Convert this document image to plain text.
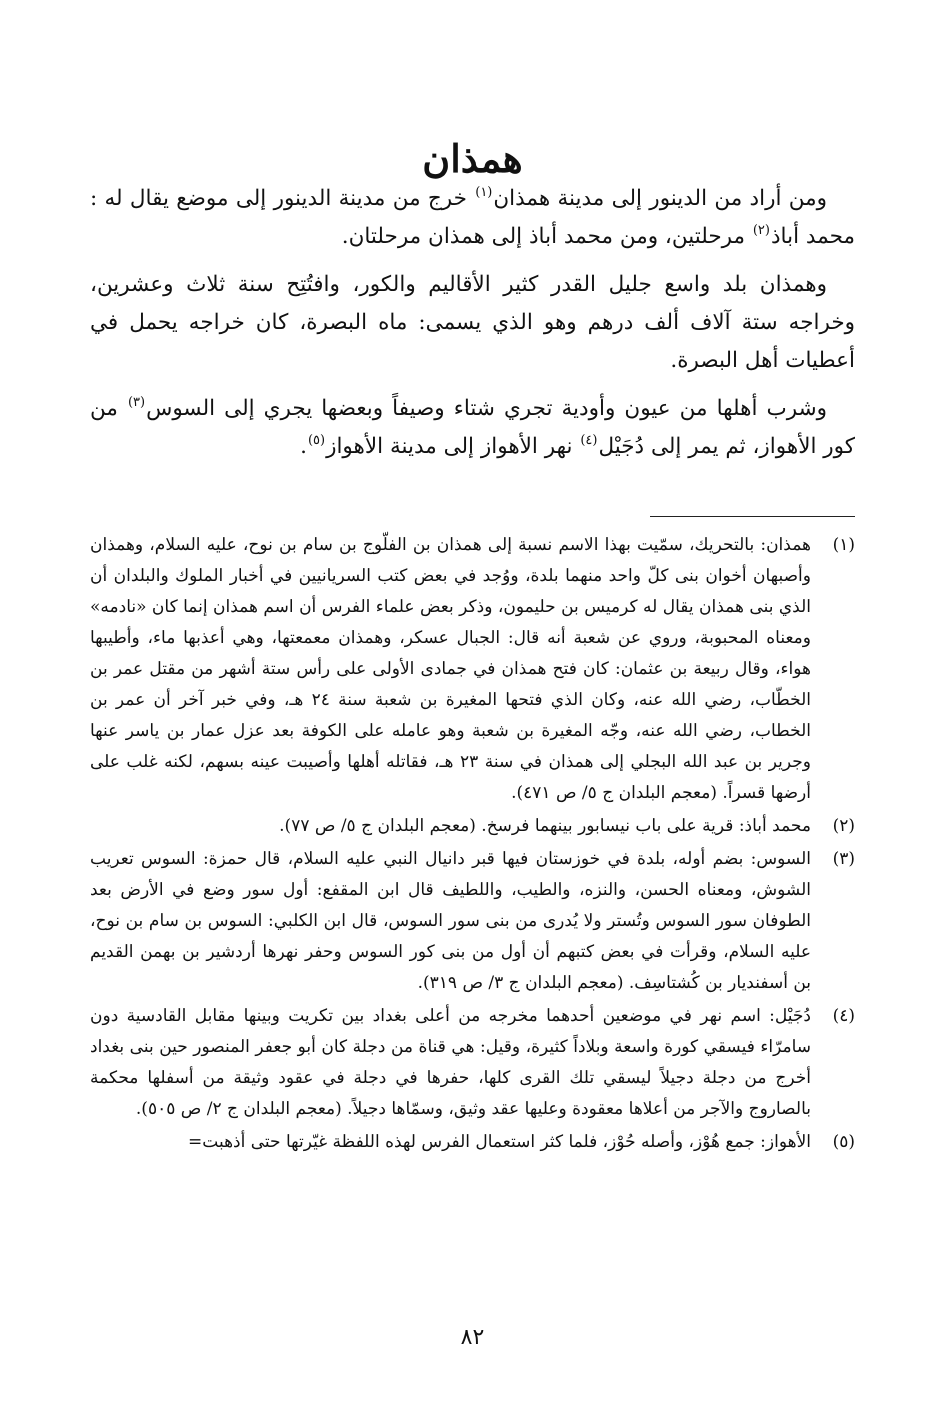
همذان

ومن أراد من الدينور إلى مدينة همذان$^{(١)}$ خرج من مدينة الدينور إلى موضع يقال له : محمد أباذ$^{(٢)}$ مرحلتين، ومن محمد أباذ إلى همذان مرحلتان.

وهمذان بلد واسع جليل القدر كثير الأقاليم والكور، وافتُتِح سنة ثلاث وعشرين، وخراجه ستة آلاف ألف درهم وهو الذي يسمى: ماه البصرة، كان خراجه يحمل في أعطيات أهل البصرة.

وشرب أهلها من عيون وأودية تجري شتاء وصيفاً وبعضها يجري إلى السوس$^{(٣)}$ من كور الأهواز، ثم يمر إلى دُجَيْل$^{(٤)}$ نهر الأهواز إلى مدينة الأهواز$^{(٥)}$.

(١)
همذان: بالتحريك، سمّيت بهذا الاسم نسبة إلى همذان بن الفلّوج بن سام بن نوح، عليه السلام، وهمذان وأصبهان أخوان بنى كلّ واحد منهما بلدة، ووُجد في بعض كتب السريانيين في أخبار الملوك والبلدان أن الذي بنى همذان يقال له كرميس بن حليمون، وذكر بعض علماء الفرس أن اسم همذان إنما كان «نادمه» ومعناه المحبوبة، وروي عن شعبة أنه قال: الجبال عسكر، وهمذان معمعتها، وهي أعذبها ماء، وأطيبها هواء، وقال ربيعة بن عثمان: كان فتح همذان في جمادى الأولى على رأس ستة أشهر من مقتل عمر بن الخطّاب، رضي الله عنه، وكان الذي فتحها المغيرة بن شعبة سنة ٢٤ هـ، وفي خبر آخر أن عمر بن الخطاب، رضي الله عنه، وجّه المغيرة بن شعبة وهو عامله على الكوفة بعد عزل عمار بن ياسر عنها وجرير بن عبد الله البجلي إلى همذان في سنة ٢٣ هـ، فقاتله أهلها وأصيبت عينه بسهم، لكنه غلب على أرضها قسراً. (معجم البلدان ج ٥/ ص ٤٧١).
(٢)
محمد أباذ: قرية على باب نيسابور بينهما فرسخ. (معجم البلدان ج ٥/ ص ٧٧).
(٣)
السوس: بضم أوله، بلدة في خوزستان فيها قبر دانيال النبي عليه السلام، قال حمزة: السوس تعريب الشوش، ومعناه الحسن، والنزه، والطيب، واللطيف قال ابن المقفع: أول سور وضع في الأرض بعد الطوفان سور السوس وتُستر ولا يُدرى من بنى سور السوس، قال ابن الكلبي: السوس بن سام بن نوح، عليه السلام، وقرأت في بعض كتبهم أن أول من بنى كور السوس وحفر نهرها أردشير بن بهمن القديم بن أسفنديار بن كُشتاسِف. (معجم البلدان ج ٣/ ص ٣١٩).
(٤)
دُجَيْل: اسم نهر في موضعين أحدهما مخرجه من أعلى بغداد بين تكريت وبينها مقابل القادسية دون سامرّاء فيسقي كورة واسعة وبلاداً كثيرة، وقيل: هي قناة من دجلة كان أبو جعفر المنصور حين بنى بغداد أخرج من دجلة دجيلاً ليسقي تلك القرى كلها، حفرها في دجلة في عقود وثيقة من أسفلها محكمة بالصاروج والآجر من أعلاها معقودة وعليها عقد وثيق، وسمّاها دجيلاً. (معجم البلدان ج ٢/ ص ٥٠٥).
(٥)
الأهواز: جمع هُوْز، وأصله حُوْز، فلما كثر استعمال الفرس لهذه اللفظة غيّرتها حتى أذهبت=
٨٢
